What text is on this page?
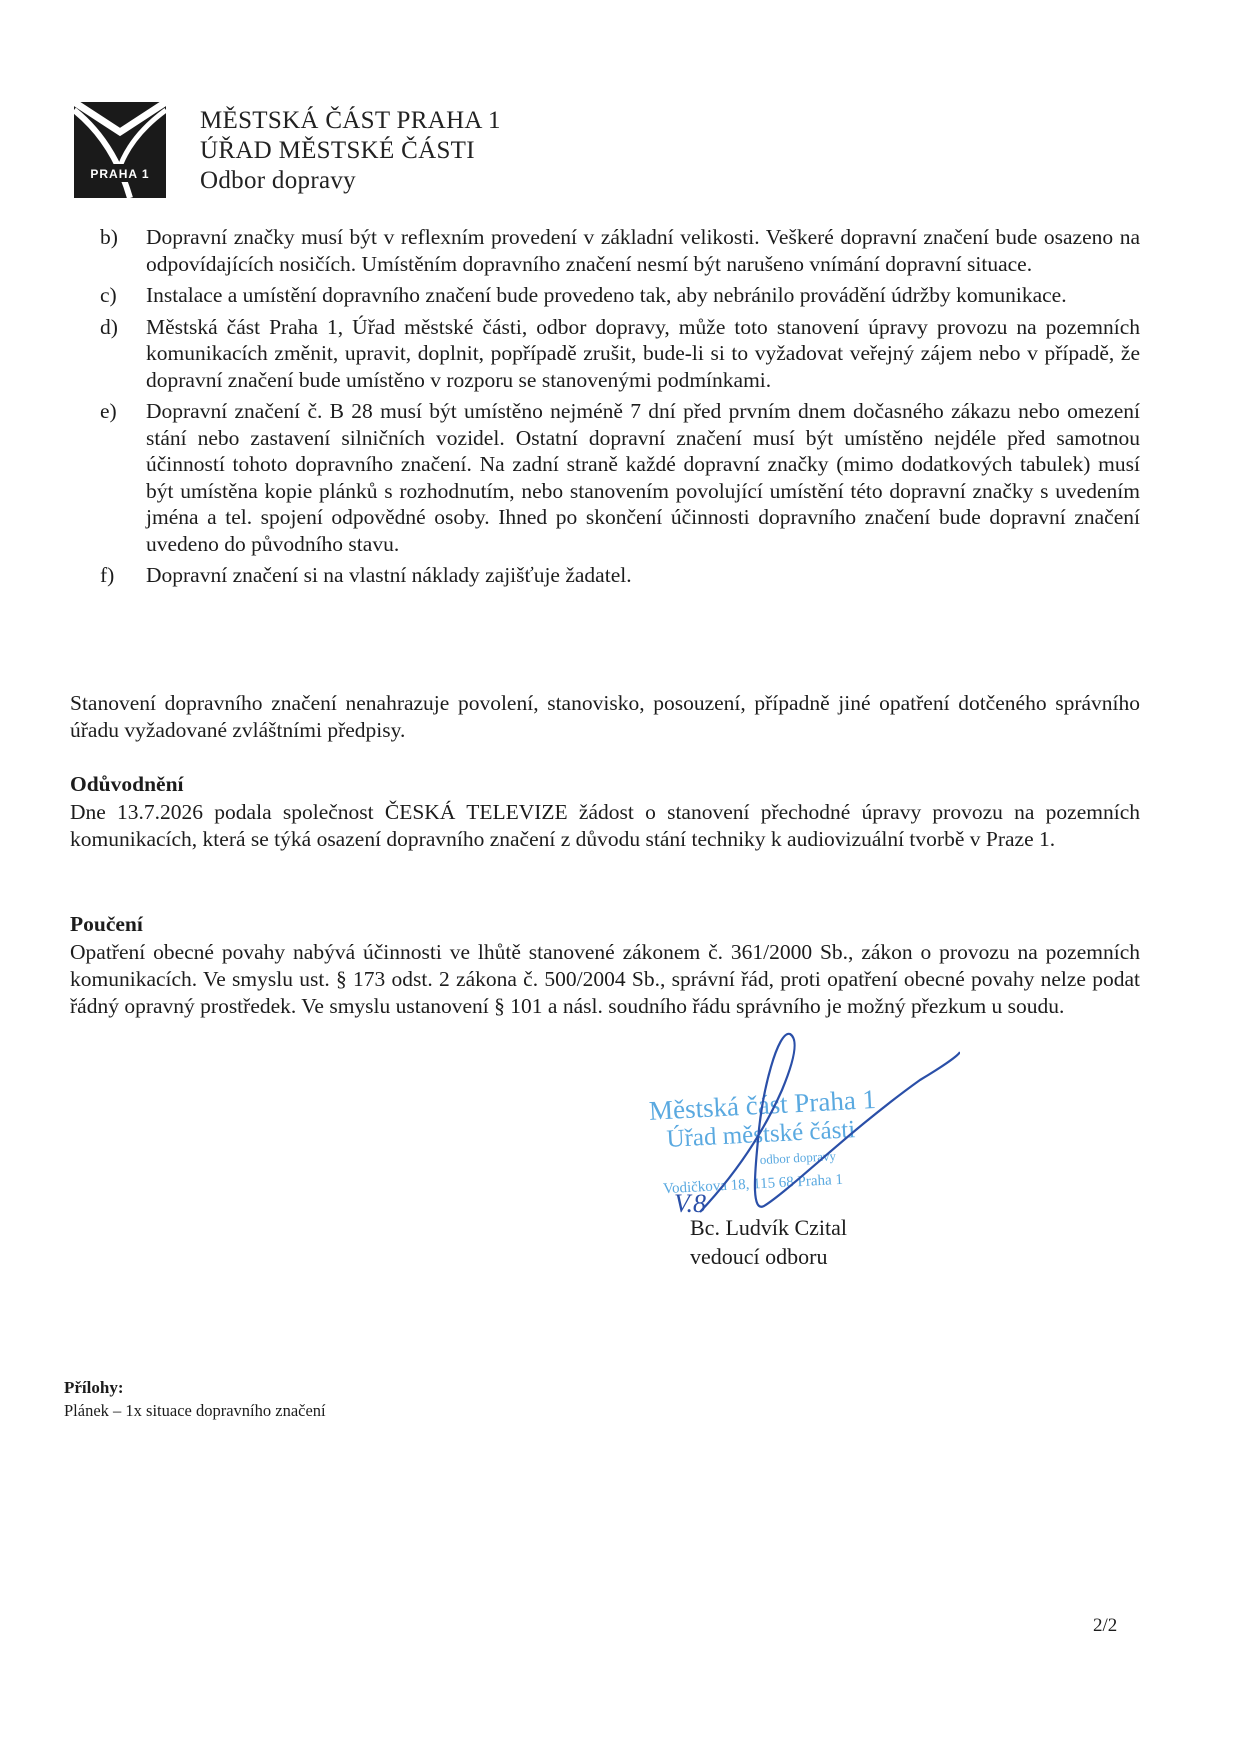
PRAHA 1
MĚSTSKÁ ČÁST PRAHA 1
ÚŘAD MĚSTSKÉ ČÁSTI
Odbor dopravy
b) Dopravní značky musí být v reflexním provedení v základní velikosti. Veškeré dopravní značení bude osazeno na odpovídajících nosičích. Umístěním dopravního značení nesmí být narušeno vnímání dopravní situace.
c) Instalace a umístění dopravního značení bude provedeno tak, aby nebránilo provádění údržby komunikace.
d) Městská část Praha 1, Úřad městské části, odbor dopravy, může toto stanovení úpravy provozu na pozemních komunikacích změnit, upravit, doplnit, popřípadě zrušit, bude-li si to vyžadovat veřejný zájem nebo v případě, že dopravní značení bude umístěno v rozporu se stanovenými podmínkami.
e) Dopravní značení č. B 28 musí být umístěno nejméně 7 dní před prvním dnem dočasného zákazu nebo omezení stání nebo zastavení silničních vozidel. Ostatní dopravní značení musí být umístěno nejdéle před samotnou účinností tohoto dopravního značení. Na zadní straně každé dopravní značky (mimo dodatkových tabulek) musí být umístěna kopie plánků s rozhodnutím, nebo stanovením povolující umístění této dopravní značky s uvedením jména a tel. spojení odpovědné osoby. Ihned po skončení účinnosti dopravního značení bude dopravní značení uvedeno do původního stavu.
f) Dopravní značení si na vlastní náklady zajišťuje žadatel.
Stanovení dopravního značení nenahrazuje povolení, stanovisko, posouzení, případně jiné opatření dotčeného správního úřadu vyžadované zvláštními předpisy.
Odůvodnění
Dne 13.7.2026 podala společnost ČESKÁ TELEVIZE žádost o stanovení přechodné úpravy provozu na pozemních komunikacích, která se týká osazení dopravního značení z důvodu stání techniky k audiovizuální tvorbě v Praze 1.
Poučení
Opatření obecné povahy nabývá účinnosti ve lhůtě stanovené zákonem č. 361/2000 Sb., zákon o provozu na pozemních komunikacích. Ve smyslu ust. § 173 odst. 2 zákona č. 500/2004 Sb., správní řád, proti opatření obecné povahy nelze podat řádný opravný prostředek. Ve smyslu ustanovení § 101 a násl. soudního řádu správního je možný přezkum u soudu.
Městská část Praha 1
Úřad městské části
odbor dopravy
Vodičkova 18, 115 68 Praha 1
V.8
Bc. Ludvík Czital
vedoucí odboru
Přílohy:
Plánek – 1x situace dopravního značení
2/2
